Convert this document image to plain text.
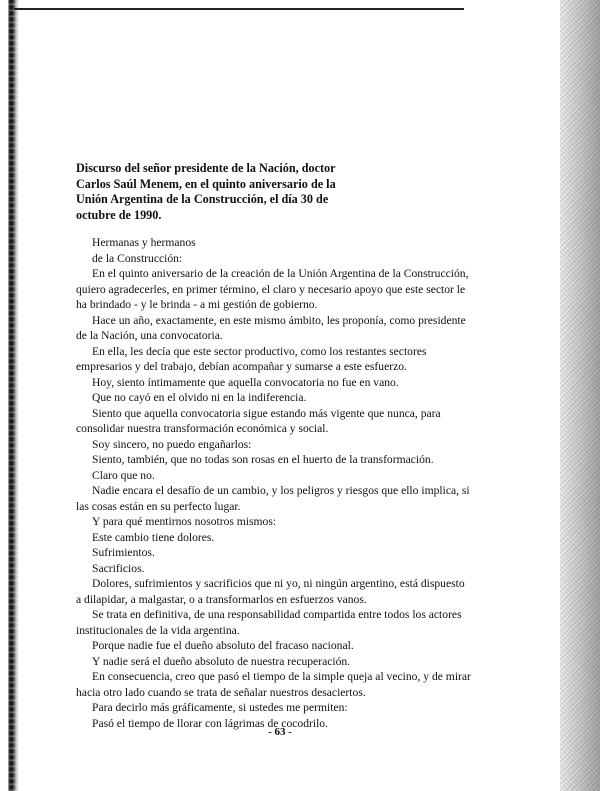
Discurso del señor presidente de la Nación, doctor
Carlos Saúl Menem, en el quinto aniversario de la
Unión Argentina de la Construcción, el día 30 de
octubre de 1990.
Hermanas y hermanos
de la Construcción:
En el quinto aniversario de la creación de la Unión Argentina de la Construcción,
quiero agradecerles, en primer término, el claro y necesario apoyo que este sector le
ha brindado - y le brinda - a mi gestión de gobierno.
Hace un año, exactamente, en este mismo ámbito, les proponía, como presidente
de la Nación, una convocatoria.
En ella, les decía que este sector productivo, como los restantes sectores
empresarios y del trabajo, debían acompañar y sumarse a este esfuerzo.
Hoy, siento íntimamente que aquella convocatoria no fue en vano.
Que no cayó en el olvido ni en la indiferencia.
Siento que aquella convocatoria sigue estando más vigente que nunca, para
consolidar nuestra transformación económica y social.
Soy sincero, no puedo engañarlos:
Siento, también, que no todas son rosas en el huerto de la transformación.
Claro que no.
Nadie encara el desafío de un cambio, y los peligros y riesgos que ello implica, si
las cosas están en su perfecto lugar.
Y para qué mentirnos nosotros mismos:
Este cambio tiene dolores.
Sufrimientos.
Sacrificios.
Dolores, sufrimientos y sacrificios que ni yo, ni ningún argentino, está dispuesto
a dilapidar, a malgastar, o a transformarlos en esfuerzos vanos.
Se trata en definitiva, de una responsabilidad compartida entre todos los actores
institucionales de la vida argentina.
Porque nadie fue el dueño absoluto del fracaso nacional.
Y nadie será el dueño absoluto de nuestra recuperación.
En consecuencia, creo que pasó el tiempo de la simple queja al vecino, y de mirar
hacia otro lado cuando se trata de señalar nuestros desaciertos.
Para decirlo más gráficamente, si ustedes me permiten:
Pasó el tiempo de llorar con lágrimas de cocodrilo.
- 63 -
